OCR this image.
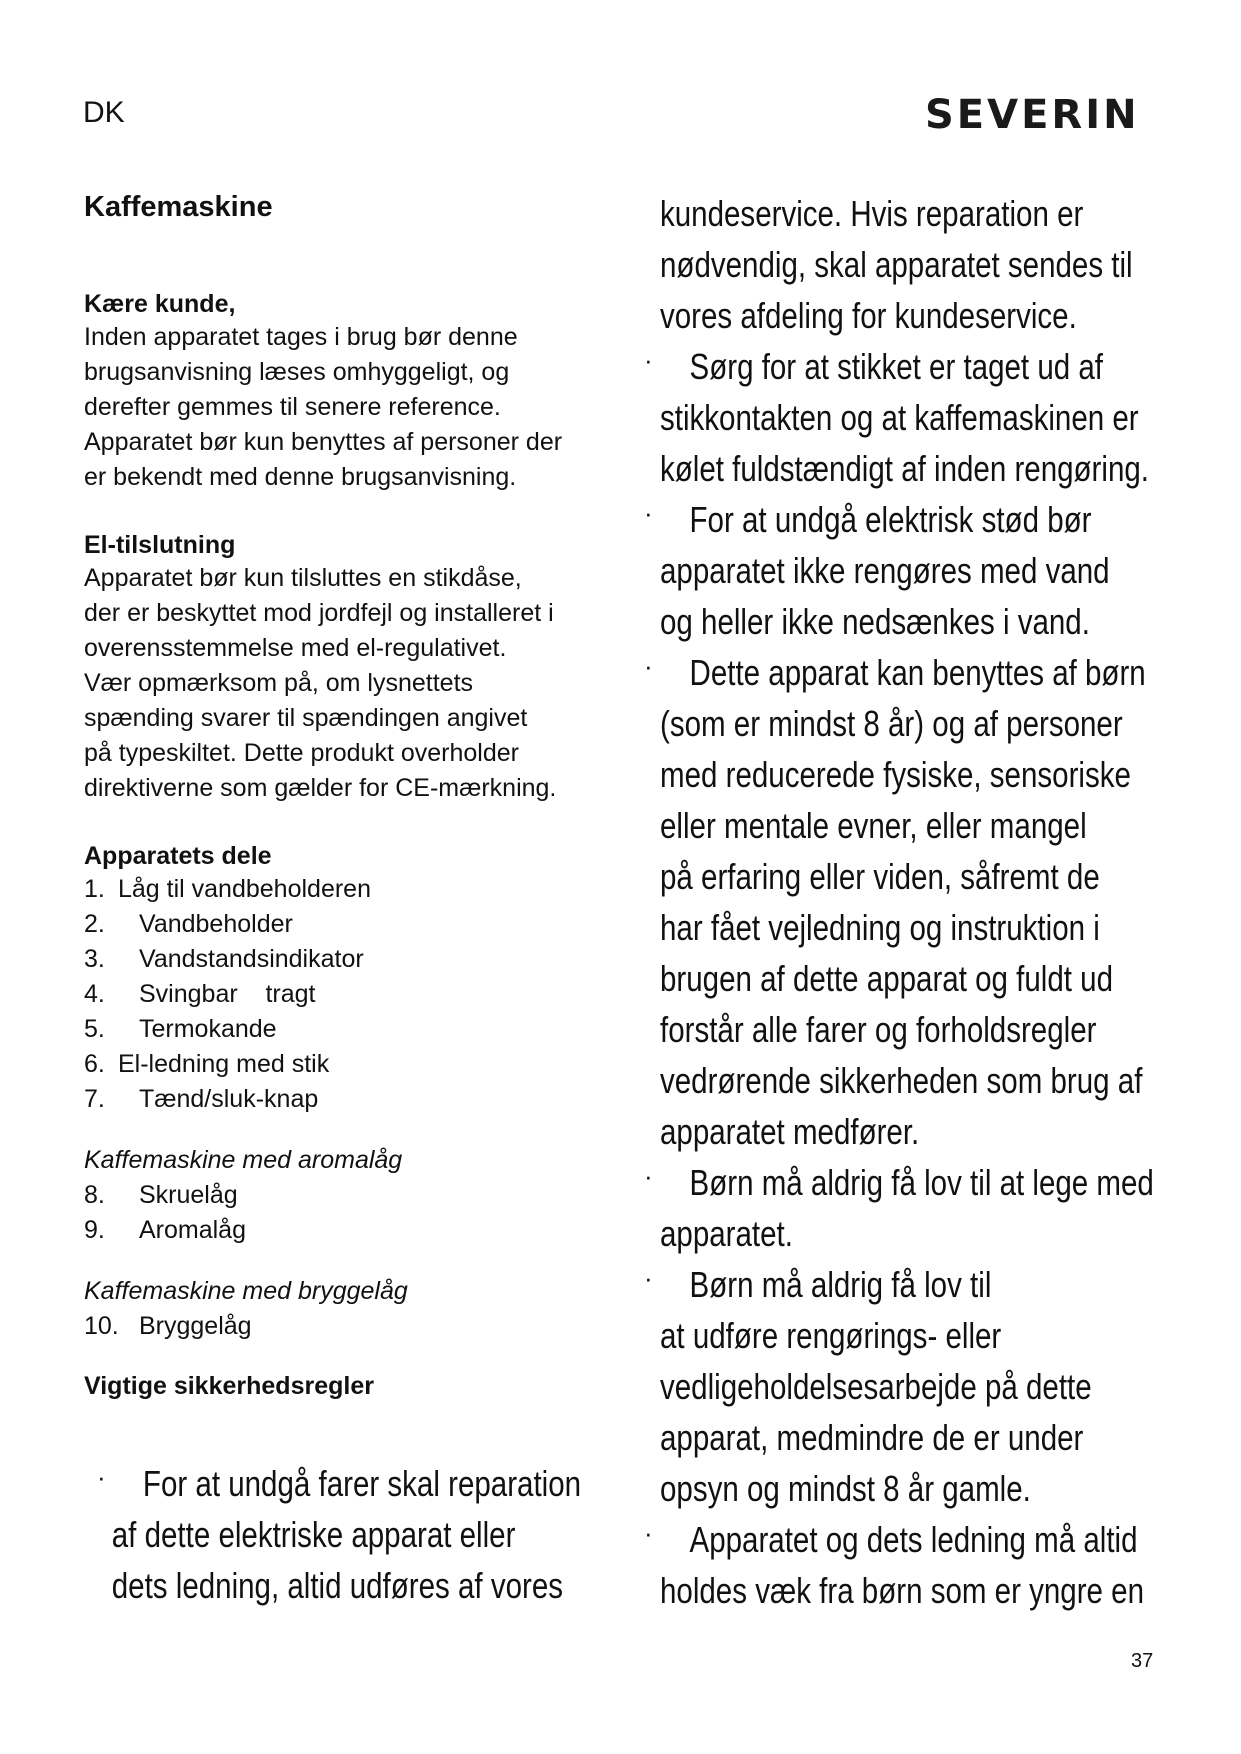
DK	SEVERIN
Kaffemaskine
Kære kunde,
Inden apparatet tages i brug bør denne
brugsanvisning læses omhyggeligt, og
derefter gemmes til senere reference.
Apparatet bør kun benyttes af personer der
er bekendt med denne brugsanvisning.
El-tilslutning
Apparatet bør kun tilsluttes en stikdåse,
der er beskyttet mod jordfejl og installeret i
overensstemmelse med el-regulativet.
Vær opmærksom på, om lysnettets
spænding svarer til spændingen angivet
på typeskiltet. Dette produkt overholder
direktiverne som gælder for CE-mærkning.
Apparatets dele
1. Låg til vandbeholderen
2.	Vandbeholder
3.	Vandstandsindikator
4.	Svingbar    tragt
5.	Termokande
6. El-ledning med stik
7.	Tænd/sluk-knap
Kaffemaskine med aromalåg
8.	Skruelåg
9.	Aromalåg
Kaffemaskine med bryggelåg
10. Bryggelåg
Vigtige sikkerhedsregler
·	For at undgå farer skal reparation
af dette elektriske apparat eller
dets ledning, altid udføres af vores
kundeservice. Hvis reparation er
nødvendig, skal apparatet sendes til
vores afdeling for kundeservice.
·	Sørg for at stikket er taget ud af
stikkontakten og at kaffemaskinen er
kølet fuldstændigt af inden rengøring.
·	For at undgå elektrisk stød bør
apparatet ikke rengøres med vand
og heller ikke nedsænkes i vand.
·	Dette apparat kan benyttes af børn
(som er mindst 8 år) og af personer
med reducerede fysiske, sensoriske
eller mentale evner, eller mangel
på erfaring eller viden, såfremt de
har fået vejledning og instruktion i
brugen af dette apparat og fuldt ud
forstår alle farer og forholdsregler
vedrørende sikkerheden som brug af
apparatet medfører.
·	Børn må aldrig få lov til at lege med
apparatet.
·	Børn må aldrig få lov til
at udføre rengørings- eller
vedligeholdelsesarbejde på dette
apparat, medmindre de er under
opsyn og mindst 8 år gamle.
·	Apparatet og dets ledning må altid
holdes væk fra børn som er yngre en
37
